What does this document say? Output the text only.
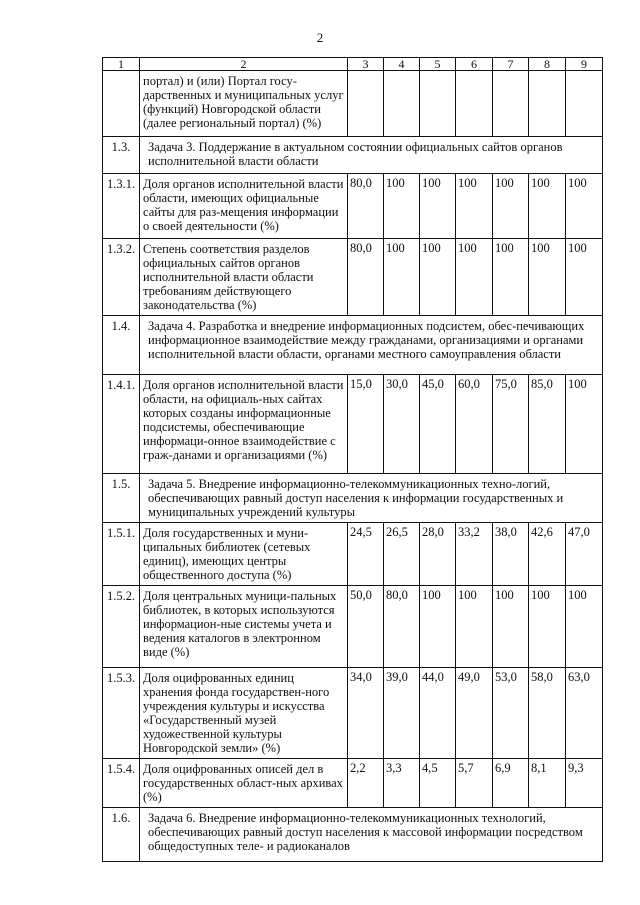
2
1	2	3	4	5	6	7	8	9
	портал) и (или) Портал госу-дарственных и муниципальных услуг (функций) Новгородской области (далее региональный портал) (%)							
1.3.	Задача 3. Поддержание в актуальном состоянии официальных сайтов органов исполнительной власти области							
1.3.1.	Доля органов исполнительной власти области, имеющих официальные сайты для раз-мещения информации о своей деятельности (%)	80,0	100	100	100	100	100	100
1.3.2.	Степень соответствия разделов официальных сайтов органов исполнительной власти области требованиям действующего законодательства (%)	80,0	100	100	100	100	100	100
1.4.	Задача 4. Разработка и внедрение информационных подсистем, обес-печивающих информационное взаимодействие между гражданами, организациями и органами исполнительной власти области, органами местного самоуправления области							
1.4.1.	Доля органов исполнительной власти области, на официаль-ных сайтах которых созданы информационные подсистемы, обеспечивающие информаци-онное взаимодействие с граж-данами и организациями (%)	15,0	30,0	45,0	60,0	75,0	85,0	100
1.5.	Задача 5. Внедрение информационно-телекоммуникационных техно-логий, обеспечивающих равный доступ населения к информации государственных и муниципальных учреждений культуры							
1.5.1.	Доля государственных и муни-ципальных библиотек (сетевых единиц), имеющих центры общественного доступа (%)	24,5	26,5	28,0	33,2	38,0	42,6	47,0
1.5.2.	Доля центральных муници-пальных библиотек, в которых используются информацион-ные системы учета и ведения каталогов в электронном виде (%)	50,0	80,0	100	100	100	100	100
1.5.3.	Доля оцифрованных единиц хранения фонда государствен-ного учреждения культуры и искусства «Государственный музей художественной культуры Новгородской земли» (%)	34,0	39,0	44,0	49,0	53,0	58,0	63,0
1.5.4.	Доля оцифрованных описей дел в государственных област-ных архивах (%)	2,2	3,3	4,5	5,7	6,9	8,1	9,3
1.6.	Задача 6. Внедрение информационно-телекоммуникационных технологий, обеспечивающих равный доступ населения к массовой информации посредством общедоступных теле- и радиоканалов							
